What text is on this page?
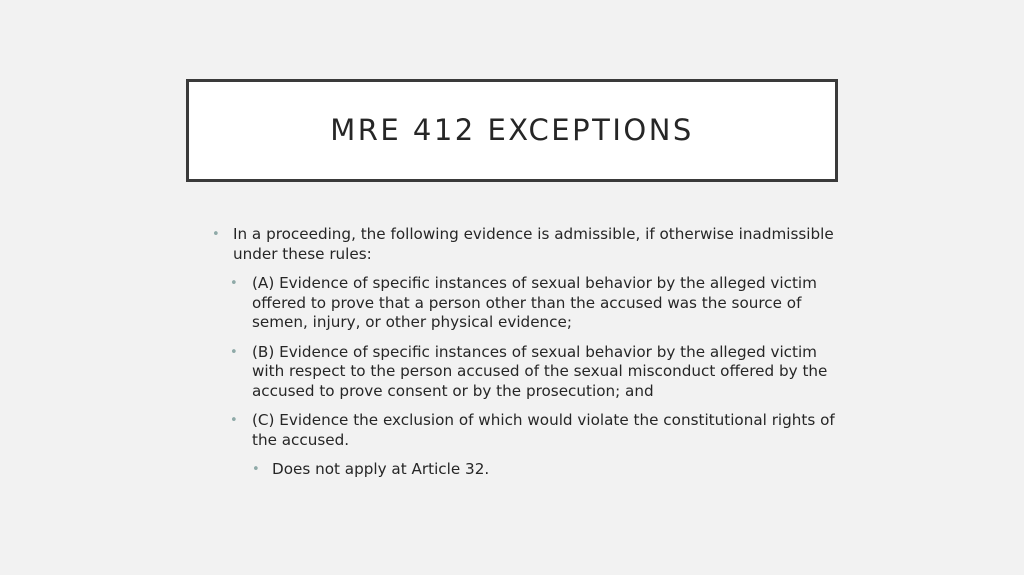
MRE 412 EXCEPTIONS
• In a proceeding, the following evidence is admissible, if otherwise inadmissible under these rules:
• (A) Evidence of specific instances of sexual behavior by the alleged victim offered to prove that a person other than the accused was the source of semen, injury, or other physical evidence;
• (B) Evidence of specific instances of sexual behavior by the alleged victim with respect to the person accused of the sexual misconduct offered by the accused to prove consent or by the prosecution; and
• (C) Evidence the exclusion of which would violate the constitutional rights of the accused.
• Does not apply at Article 32.
